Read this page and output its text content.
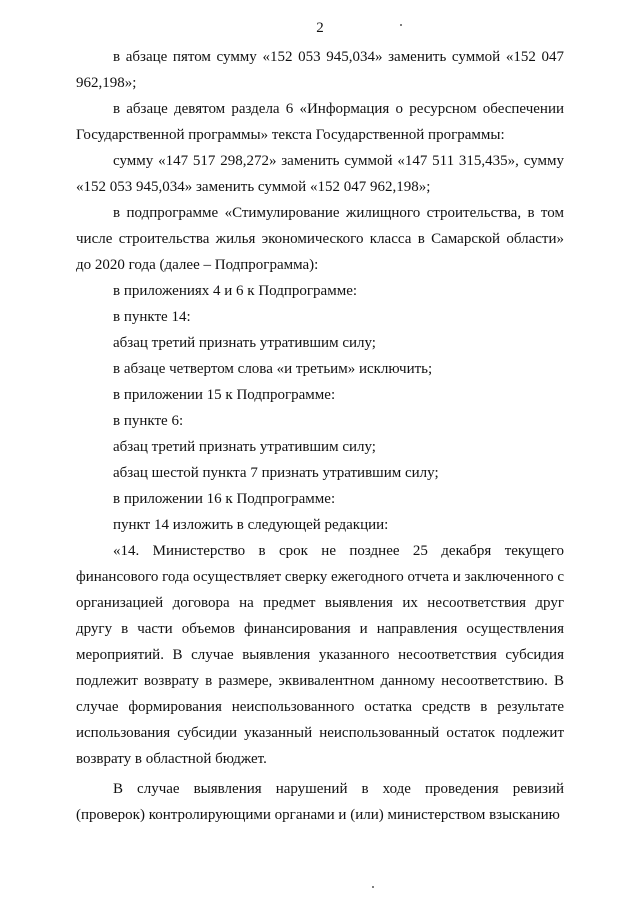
2

в абзаце пятом сумму «152 053 945,034» заменить суммой «152 047 962,198»;

в абзаце девятом раздела 6 «Информация о ресурсном обеспечении Государственной программы» текста Государственной программы:

сумму «147 517 298,272» заменить суммой «147 511 315,435», сумму «152 053 945,034» заменить суммой «152 047 962,198»;

в подпрограмме «Стимулирование жилищного строительства, в том числе строительства жилья экономического класса в Самарской области» до 2020 года (далее – Подпрограмма):

в приложениях 4 и 6 к Подпрограмме:

в пункте 14:

абзац третий признать утратившим силу;

в абзаце четвертом слова «и третьим» исключить;

в приложении 15 к Подпрограмме:

в пункте 6:

абзац третий признать утратившим силу;

абзац шестой пункта 7 признать утратившим силу;

в приложении 16 к Подпрограмме:

пункт 14 изложить в следующей редакции:

«14. Министерство в срок не позднее 25 декабря текущего финансового года осуществляет сверку ежегодного отчета и заключенного с организацией договора на предмет выявления их несоответствия друг другу в части объемов финансирования и направления осуществления мероприятий. В случае выявления указанного несоответствия субсидия подлежит возврату в размере, эквивалентном данному несоответствию. В случае формирования неиспользованного остатка средств в результате использования субсидии указанный неиспользованный остаток подлежит возврату в областной бюджет.

В случае выявления нарушений в ходе проведения ревизий (проверок) контролирующими органами и (или) министерством взысканию
